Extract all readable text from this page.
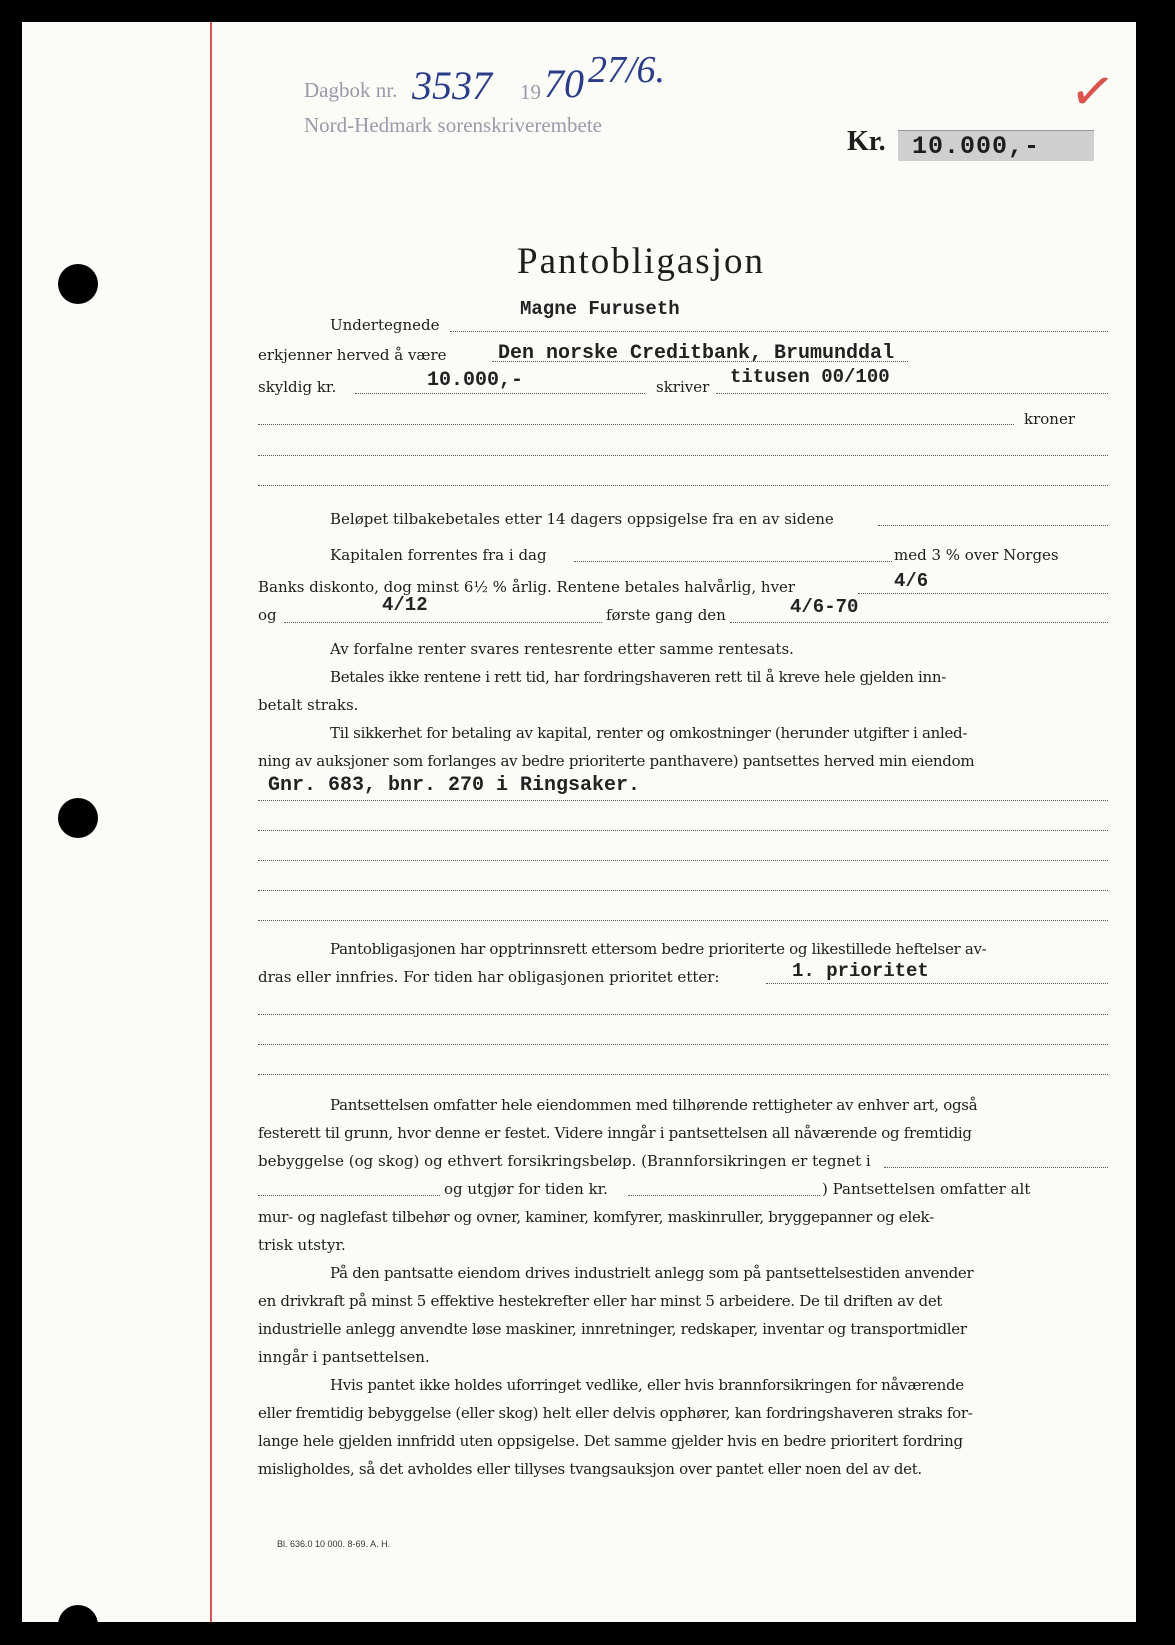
Dagbok nr. 3537 19 70 27/6.
Nord-Hedmark sorenskriverembete
✓
Kr. 10.000,-
Pantobligasjon
Undertegnede
Magne Furuseth
erkjenner herved å være	Den norske Creditbank, Brumunddal
skyldig kr.	10.000,-	skriver titusen 00/100
kroner
Beløpet tilbakebetales etter 14 dagers oppsigelse fra en av sidene
Kapitalen forrentes fra i dag	med 3 % over Norges
Banks diskonto, dog minst 6½ % årlig. Rentene betales halvårlig, hver	4/6
og	4/12	første gang den	4/6-70
Av forfalne renter svares rentesrente etter samme rentesats.
Betales ikke rentene i rett tid, har fordringshaveren rett til å kreve hele gjelden inn-
betalt straks.
Til sikkerhet for betaling av kapital, renter og omkostninger (herunder utgifter i anled-
ning av auksjoner som forlanges av bedre prioriterte panthavere) pantsettes herved min eiendom
Gnr. 683, bnr. 270 i Ringsaker.
Pantobligasjonen har opptrinnsrett ettersom bedre prioriterte og likestillede heftelser av-
dras eller innfries. For tiden har obligasjonen prioritet etter:	1. prioritet
Pantsettelsen omfatter hele eiendommen med tilhørende rettigheter av enhver art, også
festerett til grunn, hvor denne er festet. Videre inngår i pantsettelsen all nåværende og fremtidig
bebyggelse (og skog) og ethvert forsikringsbeløp. (Brannforsikringen er tegnet i
og utgjør for tiden kr.	) Pantsettelsen omfatter alt
mur- og naglefast tilbehør og ovner, kaminer, komfyrer, maskinruller, bryggepanner og elek-
trisk utstyr.
På den pantsatte eiendom drives industrielt anlegg som på pantsettelsestiden anvender
en drivkraft på minst 5 effektive hestekrefter eller har minst 5 arbeidere. De til driften av det
industrielle anlegg anvendte løse maskiner, innretninger, redskaper, inventar og transportmidler
inngår i pantsettelsen.
Hvis pantet ikke holdes uforringet vedlike, eller hvis brannforsikringen for nåværende
eller fremtidig bebyggelse (eller skog) helt eller delvis opphører, kan fordringshaveren straks for-
lange hele gjelden innfridd uten oppsigelse. Det samme gjelder hvis en bedre prioritert fordring
misligholdes, så det avholdes eller tillyses tvangsauksjon over pantet eller noen del av det.
Bl. 636.0 10 000. 8-69. A. H.
